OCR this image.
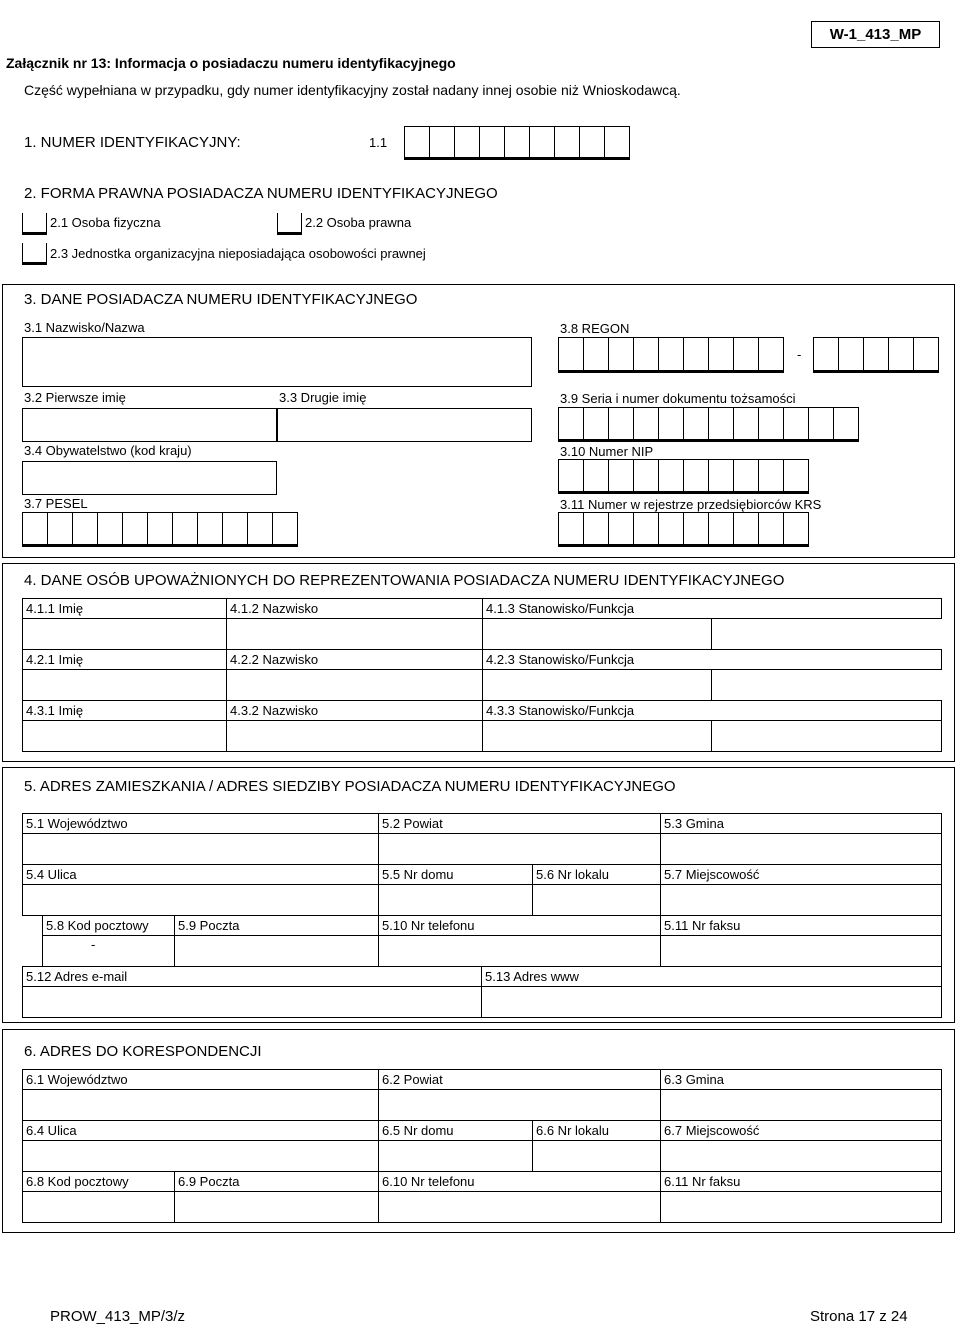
W-1_413_MP
Załącznik nr 13: Informacja o posiadaczu numeru identyfikacyjnego
Część wypełniana w przypadku, gdy numer identyfikacyjny został nadany innej osobie niż Wnioskodawcą.
1. NUMER IDENTYFIKACYJNY:	1.1
2. FORMA PRAWNA POSIADACZA NUMERU IDENTYFIKACYJNEGO
2.1 Osoba fizyczna	2.2 Osoba prawna
2.3 Jednostka organizacyjna nieposiadająca osobowości prawnej
3. DANE POSIADACZA NUMERU IDENTYFIKACYJNEGO
3.1 Nazwisko/Nazwa	3.8 REGON
-
3.2 Pierwsze imię	3.3 Drugie imię	3.9 Seria i numer dokumentu tożsamości
3.4 Obywatelstwo (kod kraju)	3.10 Numer NIP
3.7 PESEL	3.11 Numer w rejestrze przedsiębiorców KRS
4. DANE OSÓB UPOWAŻNIONYCH DO REPREZENTOWANIA POSIADACZA NUMERU IDENTYFIKACYJNEGO
4.1.1 Imię	4.1.2 Nazwisko	4.1.3 Stanowisko/Funkcja	

4.2.1 Imię	4.2.2 Nazwisko	4.2.3 Stanowisko/Funkcja	

4.3.1 Imię	4.3.2 Nazwisko	4.3.3 Stanowisko/Funkcja	

5. ADRES ZAMIESZKANIA / ADRES SIEDZIBY POSIADACZA NUMERU IDENTYFIKACYJNEGO
5.1 Województwo			5.2 Powiat			5.3 Gmina

5.4 Ulica			5.5 Nr domu		5.6 Nr lokalu	5.7 Miejscowość

	5.8 Kod pocztowy	5.9 Poczta	5.10 Nr telefonu			5.11 Nr faksu
	-					
5.12 Adres e-mail				5.13 Adres www		

6. ADRES DO KORESPONDENCJI
6.1 Województwo		6.2 Powiat		6.3 Gmina

6.4 Ulica		6.5 Nr domu	6.6 Nr lokalu	6.7 Miejscowość

6.8 Kod pocztowy	6.9 Poczta	6.10 Nr telefonu		6.11 Nr faksu

PROW_413_MP/3/z	Strona 17 z 24
